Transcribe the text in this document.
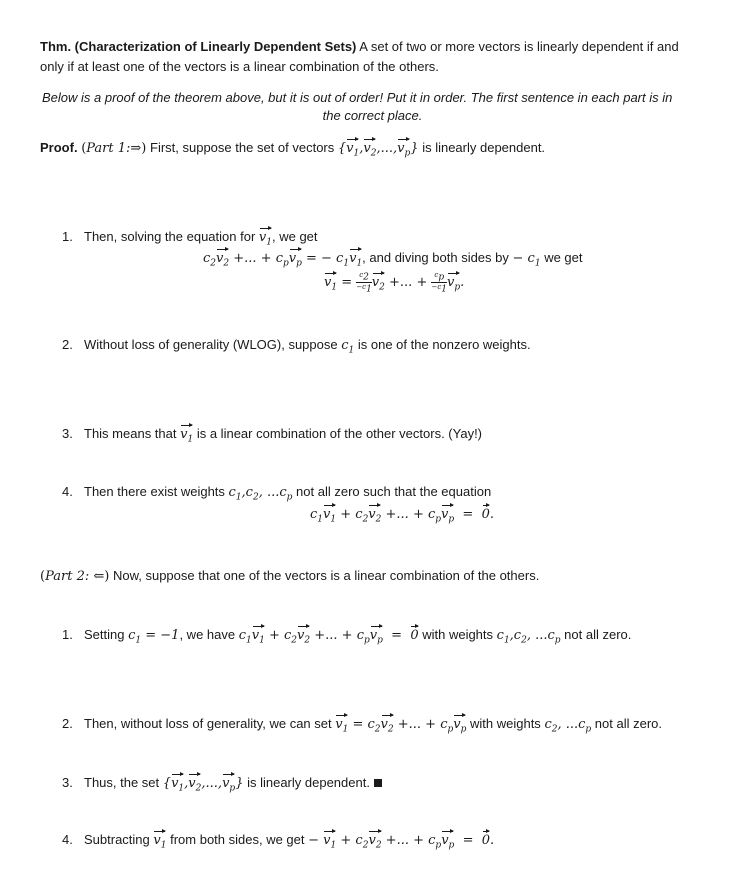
Thm. (Characterization of Linearly Dependent Sets) A set of two or more vectors is linearly dependent if and
only if at least one of the vectors is a linear combination of the others.
Below is a proof of the theorem above, but it is out of order! Put it in order. The first sentence in each part is in
the correct place.
Proof. (Part 1:⇒) First, suppose the set of vectors $\{v_1,v_2,...,v_p\}$ is linearly dependent.
1. Then, solving the equation for $v_1$, we get
$c_2v_2$ +... + $c_pv_p$ = − $c_1v_1$, and diving both sides by − $c_1$ we get
$v_1 = \frac{c_2}{-c_1} v_2$ +... + $\frac{c_p}{-c_1} v_p$.
2. Without loss of generality (WLOG), suppose $c_1$ is one of the nonzero weights.
3. This means that $v_1$ is a linear combination of the other vectors. (Yay!)
4. Then there exist weights $c_1,c_2$, $...c_p$ not all zero such that the equation
$c_1v_1 + c_2v_2$ +... + $c_pv_p = 0$.
(Part 2: ⇐) Now, suppose that one of the vectors is a linear combination of the others.
1. Setting $c_1 = -1$, we have $c_1v_1 + c_2v_2$ +... + $c_pv_p = 0$ with weights $c_1,c_2$, $...c_p$ not all zero.
2. Then, without loss of generality, we can set $v_1 = c_2v_2$ +... + $c_pv_p$ with weights $c_2$, $...c_p$ not all zero.
3. Thus, the set $\{v_1,v_2,...,v_p\}$ is linearly dependent.
4. Subtracting $v_1$ from both sides, we get − $v_1 + c_2v_2$ +... + $c_pv_p = 0$.
